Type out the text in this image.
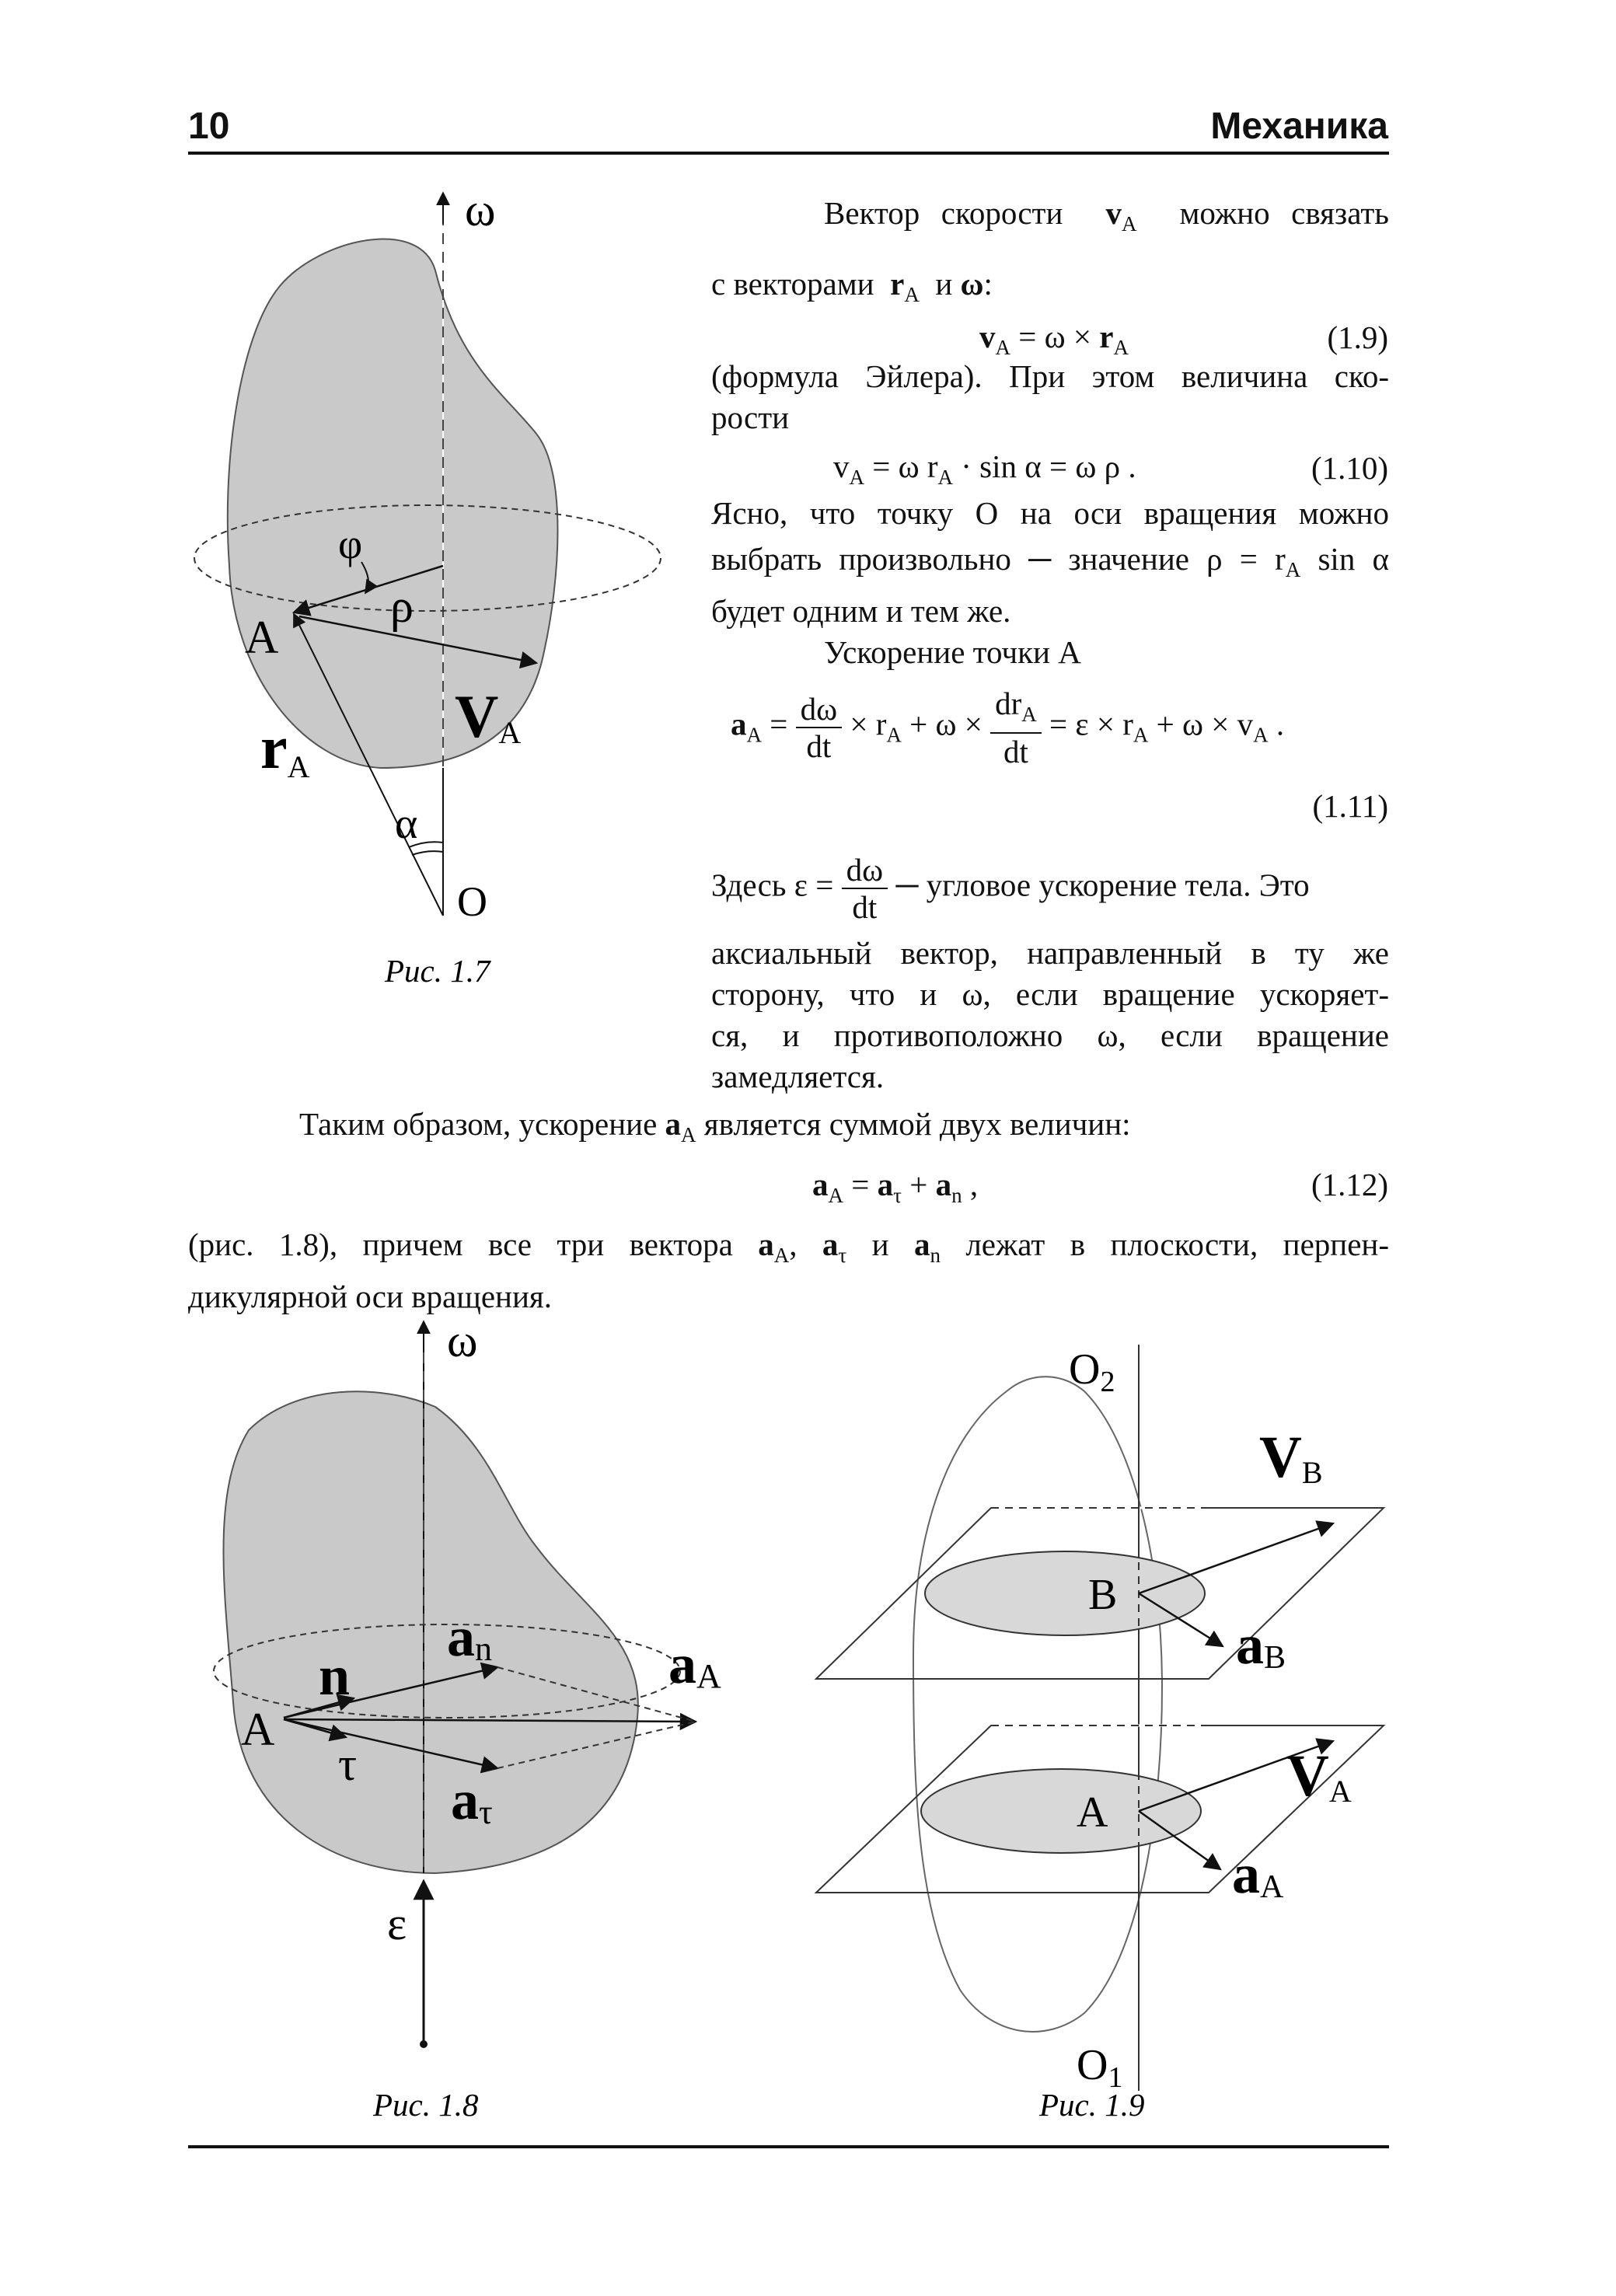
10	Механика
ω
φ
ρ
A
VA
rA
α
O
Рис. 1.7
Вектор скорости $v_A$ можно связать
с векторами $r_A$ и ω:
$v_A = \omega \times r_A$	(1.9)
(формула Эйлера). При этом величина ско-
рости
$v_A = \omega$ $r_A \cdot \sin \alpha = \omega$ ρ .	(1.10)
Ясно, что точку О на оси вращения можно
выбрать произвольно ─ значение $\rho = r_A$ sin α
будет одним и тем же.
Ускорение точки А
$a_A = \frac{d\omega}{dt} \times r_A + \omega \times \frac{dr_A}{dt} = \varepsilon \times r_A + \omega \times v_A$ .
(1.11)
Здесь $\varepsilon = \frac{d\omega}{dt}$ ─ угловое ускорение тела. Это
аксиальный вектор, направленный в ту же
сторону, что и ω, если вращение ускоряет-
ся, и противоположно ω, если вращение
замедляется.
Таким образом, ускорение $a_A$ является суммой двух величин:
$a_A = a_\tau + a_n$ ,	(1.12)
(рис. 1.8), причем все три вектора $a_A$, $a_\tau$ и $a_n$ лежат в плоскости, перпен-
дикулярной оси вращения.
ω
an
n	aA
A
τ
aτ
ε
Рис. 1.8
O2
VB
B
aB
A
VA
aA
O1
Рис. 1.9
